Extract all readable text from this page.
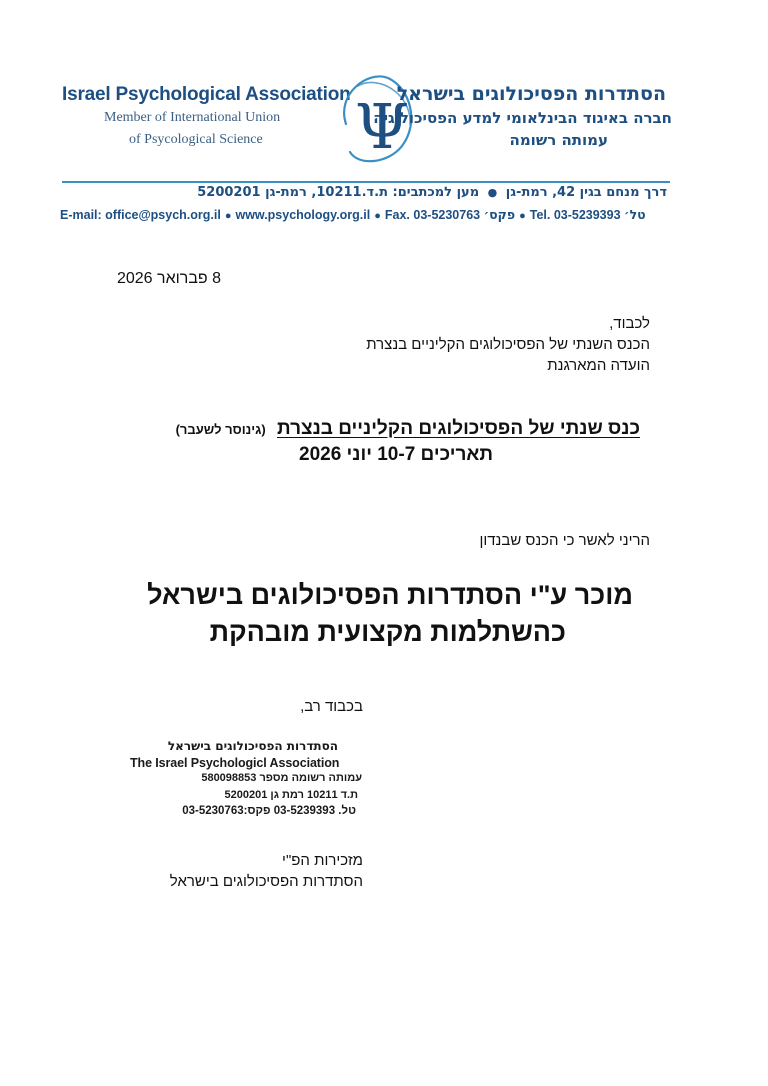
Israel Psychological Association
Member of International Union
of Psycological Science Ψ
הסתדרות הפסיכולוגים בישראל
חברה באיגוד הבינלאומי למדע הפסיכולוגיה
עמותה רשומה
דרך מנחם בגין 42, רמת-גן ● מען למכתבים: ת.ד.10211, רמת-גן 5200201
E-mail: office@psych.org.il ● www.psychology.org.il ● Fax. 03-5230763
פקס׳ ● Tel. 03-5239393
טל׳
8 פברואר 2026
לכבוד,
הכנס השנתי של הפסיכולוגים הקליניים בנצרת
הועדה המארגנת
כנס שנתי של הפסיכולוגים הקליניים בנצרת (גינוסר לשעבר)
תאריכים 10-7 יוני 2026
הריני לאשר כי הכנס שבנדון
מוכר ע"י הסתדרות הפסיכולוגים בישראל
כהשתלמות מקצועית מובהקת
בכבוד רב,
הסתדרות הפסיכולוגים בישראל
The Israel Psychologicl Association
עמותה רשומה מספר 580098853
ת.ד 10211 רמת גן 5200201
טל. 03-5239393 פקס:03-5230763
מזכירות הפ"י
הסתדרות הפסיכולוגים בישראל
